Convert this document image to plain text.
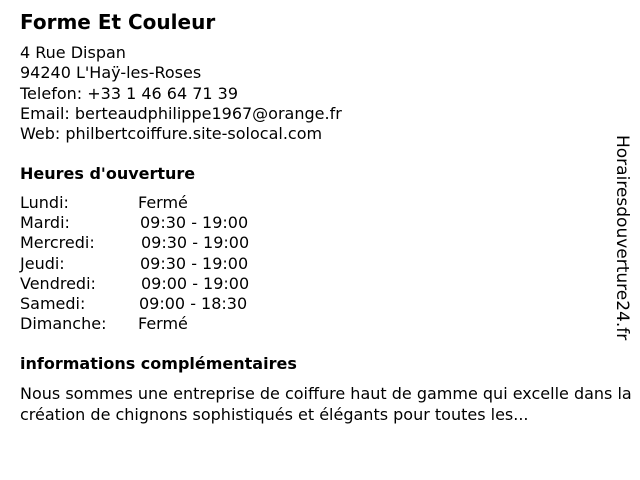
Forme Et Couleur
4 Rue Dispan
94240 L'Haÿ-les-Roses
Telefon: +33 1 46 64 71 39
Email: berteaudphilippe1967@orange.fr
Web: philbertcoiffure.site-solocal.com
Heures d'ouverture
Lundi:	Fermé
Mardi:	09:30 - 19:00
Mercredi:	09:30 - 19:00
Jeudi:	09:30 - 19:00
Vendredi:	09:00 - 19:00
Samedi:	09:00 - 18:30
Dimanche: Fermé
informations complémentaires
Nous sommes une entreprise de coiffure haut de gamme qui excelle dans la création de chignons sophistiqués et élégants pour toutes les...
Horairesdouverture24.fr
